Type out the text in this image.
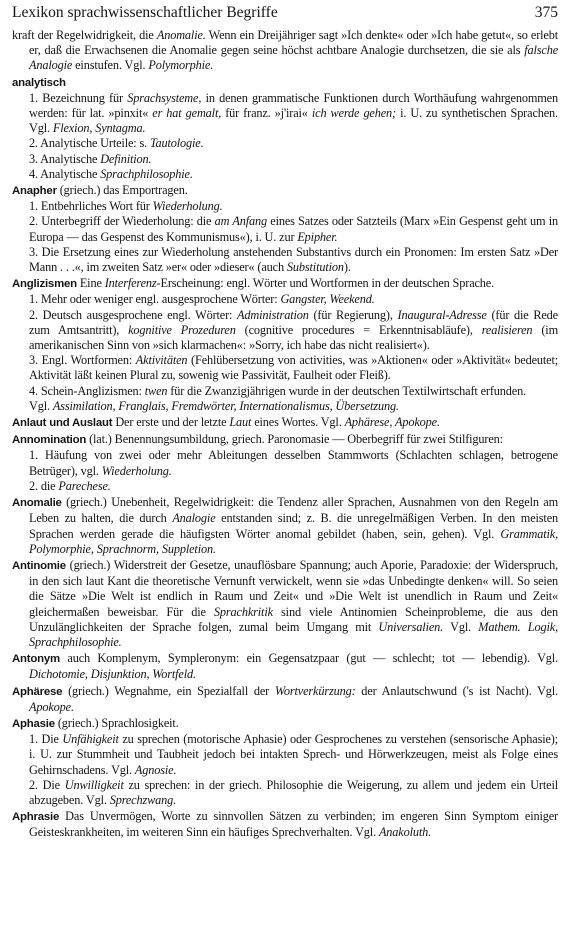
Lexikon sprachwissenschaftlicher Begriffe	375
kraft der Regelwidrigkeit, die Anomalie. Wenn ein Dreijähriger sagt »Ich denkte« oder »Ich habe getut«, so erlebt er, daß die Erwachsenen die Anomalie gegen seine höchst achtbare Analogie durchsetzen, die sie als falsche Analogie einstufen. Vgl. Polymorphie.
analytisch
1. Bezeichnung für Sprachsysteme, in denen grammatische Funktionen durch Worthäufung wahrgenommen werden: für lat. »pinxit« er hat gemalt, für franz. »j'irai« ich werde gehen; i. U. zu synthetischen Sprachen. Vgl. Flexion, Syntagma.
2. Analytische Urteile: s. Tautologie.
3. Analytische Definition.
4. Analytische Sprachphilosophie.
Anapher (griech.) das Emportragen.
1. Entbehrliches Wort für Wiederholung.
2. Unterbegriff der Wiederholung: die am Anfang eines Satzes oder Satzteils (Marx »Ein Gespenst geht um in Europa — das Gespenst des Kommunismus«), i. U. zur Epipher.
3. Die Ersetzung eines zur Wiederholung anstehenden Substantivs durch ein Pronomen: Im ersten Satz »Der Mann . . .«, im zweiten Satz »er« oder »dieser« (auch Substitution).
Anglizismen Eine Interferenz-Erscheinung: engl. Wörter und Wortformen in der deutschen Sprache.
1. Mehr oder weniger engl. ausgesprochene Wörter: Gangster, Weekend.
2. Deutsch ausgesprochene engl. Wörter: Administration (für Regierung), Inaugural-Adresse (für die Rede zum Amtsantritt), kognitive Prozeduren (cognitive procedures = Erkenntnisabläufe), realisieren (im amerikanischen Sinn von »sich klarmachen«: »Sorry, ich habe das nicht realisiert«).
3. Engl. Wortformen: Aktivitäten (Fehlübersetzung von activities, was »Aktionen« oder »Aktivität« bedeutet; Aktivität läßt keinen Plural zu, sowenig wie Passivität, Faulheit oder Fleiß).
4. Schein-Anglizismen: twen für die Zwanzigjährigen wurde in der deutschen Textilwirtschaft erfunden.
Vgl. Assimilation, Franglais, Fremdwörter, Internationalismus, Übersetzung.
Anlaut und Auslaut Der erste und der letzte Laut eines Wortes. Vgl. Aphärese, Apokope.
Annomination (lat.) Benennungsumbildung, griech. Paronomasie — Oberbegriff für zwei Stilfiguren:
1. Häufung von zwei oder mehr Ableitungen desselben Stammworts (Schlachten schlagen, betrogene Betrüger), vgl. Wiederholung.
2. die Parechese.
Anomalie (griech.) Unebenheit, Regelwidrigkeit: die Tendenz aller Sprachen, Ausnahmen von den Regeln am Leben zu halten, die durch Analogie entstanden sind; z. B. die unregelmäßigen Verben. In den meisten Sprachen werden gerade die häufigsten Wörter anomal gebildet (haben, sein, gehen). Vgl. Grammatik, Polymorphie, Sprachnorm, Suppletion.
Antinomie (griech.) Widerstreit der Gesetze, unauflösbare Spannung; auch Aporie, Paradoxie: der Widerspruch, in den sich laut Kant die theoretische Vernunft verwickelt, wenn sie »das Unbedingte denken« will. So seien die Sätze »Die Welt ist endlich in Raum und Zeit« und »Die Welt ist unendlich in Raum und Zeit« gleichermaßen beweisbar. Für die Sprachkritik sind viele Antinomien Scheinprobleme, die aus den Unzulänglichkeiten der Sprache folgen, zumal beim Umgang mit Universalien. Vgl. Mathem. Logik, Sprachphilosophie.
Antonym auch Komplenym, Sympleronym: ein Gegensatzpaar (gut — schlecht; tot — lebendig). Vgl. Dichotomie, Disjunktion, Wortfeld.
Aphärese (griech.) Wegnahme, ein Spezialfall der Wortverkürzung: der Anlautschwund ('s ist Nacht). Vgl. Apokope.
Aphasie (griech.) Sprachlosigkeit.
1. Die Unfähigkeit zu sprechen (motorische Aphasie) oder Gesprochenes zu verstehen (sensorische Aphasie); i. U. zur Stummheit und Taubheit jedoch bei intakten Sprech- und Hörwerkzeugen, meist als Folge eines Gehirnschadens. Vgl. Agnosie.
2. Die Unwilligkeit zu sprechen: in der griech. Philosophie die Weigerung, zu allem und jedem ein Urteil abzugeben. Vgl. Sprechzwang.
Aphrasie Das Unvermögen, Worte zu sinnvollen Sätzen zu verbinden; im engeren Sinn Symptom einiger Geisteskrankheiten, im weiteren Sinn ein häufiges Sprechverhalten. Vgl. Anakoluth.
